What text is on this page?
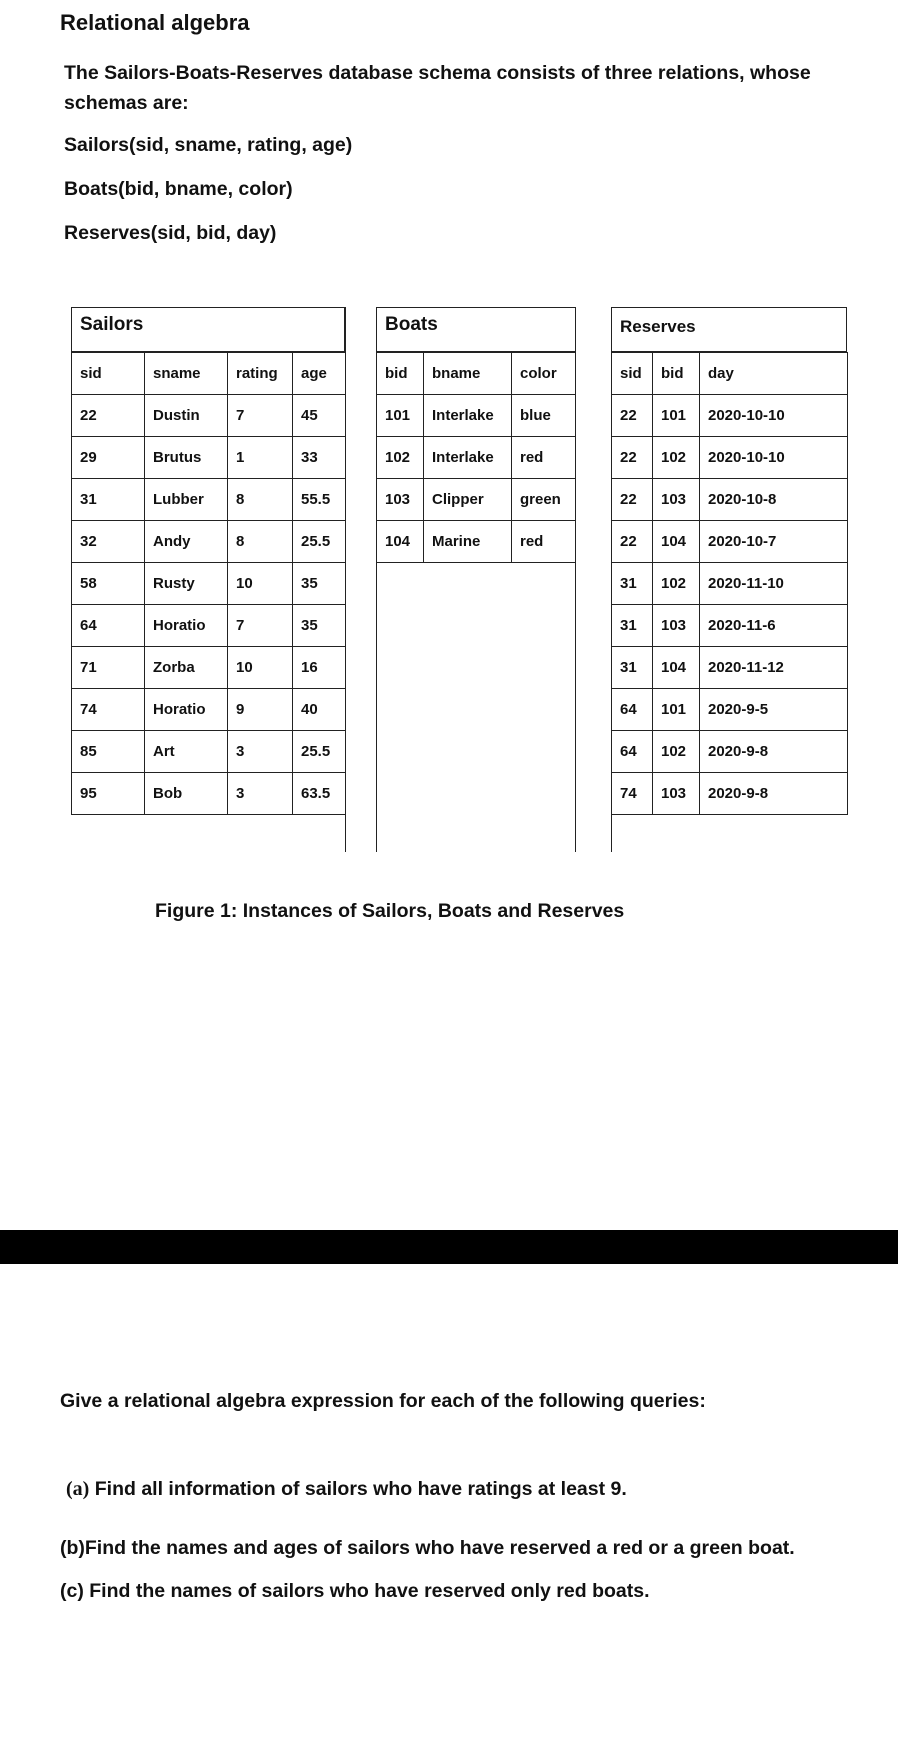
Relational algebra
The Sailors-Boats-Reserves database schema consists of three relations, whose schemas are:
Sailors(sid, sname, rating, age)
Boats(bid, bname, color)
Reserves(sid, bid, day)
Sailors
sid	sname	rating	age
22	Dustin	7	45
29	Brutus	1	33
31	Lubber	8	55.5
32	Andy	8	25.5
58	Rusty	10	35
64	Horatio	7	35
71	Zorba	10	16
74	Horatio	9	40
85	Art	3	25.5
95	Bob	3	63.5
Boats
bid	bname	color
101	Interlake	blue
102	Interlake	red
103	Clipper	green
104	Marine	red
Reserves
sid	bid	day
22	101	2020-10-10
22	102	2020-10-10
22	103	2020-10-8
22	104	2020-10-7
31	102	2020-11-10
31	103	2020-11-6
31	104	2020-11-12
64	101	2020-9-5
64	102	2020-9-8
74	103	2020-9-8
Figure 1: Instances of Sailors, Boats and Reserves
Give a relational algebra expression for each of the following queries:
(a) Find all information of sailors who have ratings at least 9.
(b)Find the names and ages of sailors who have reserved a red or a green boat.
(c) Find the names of sailors who have reserved only red boats.
